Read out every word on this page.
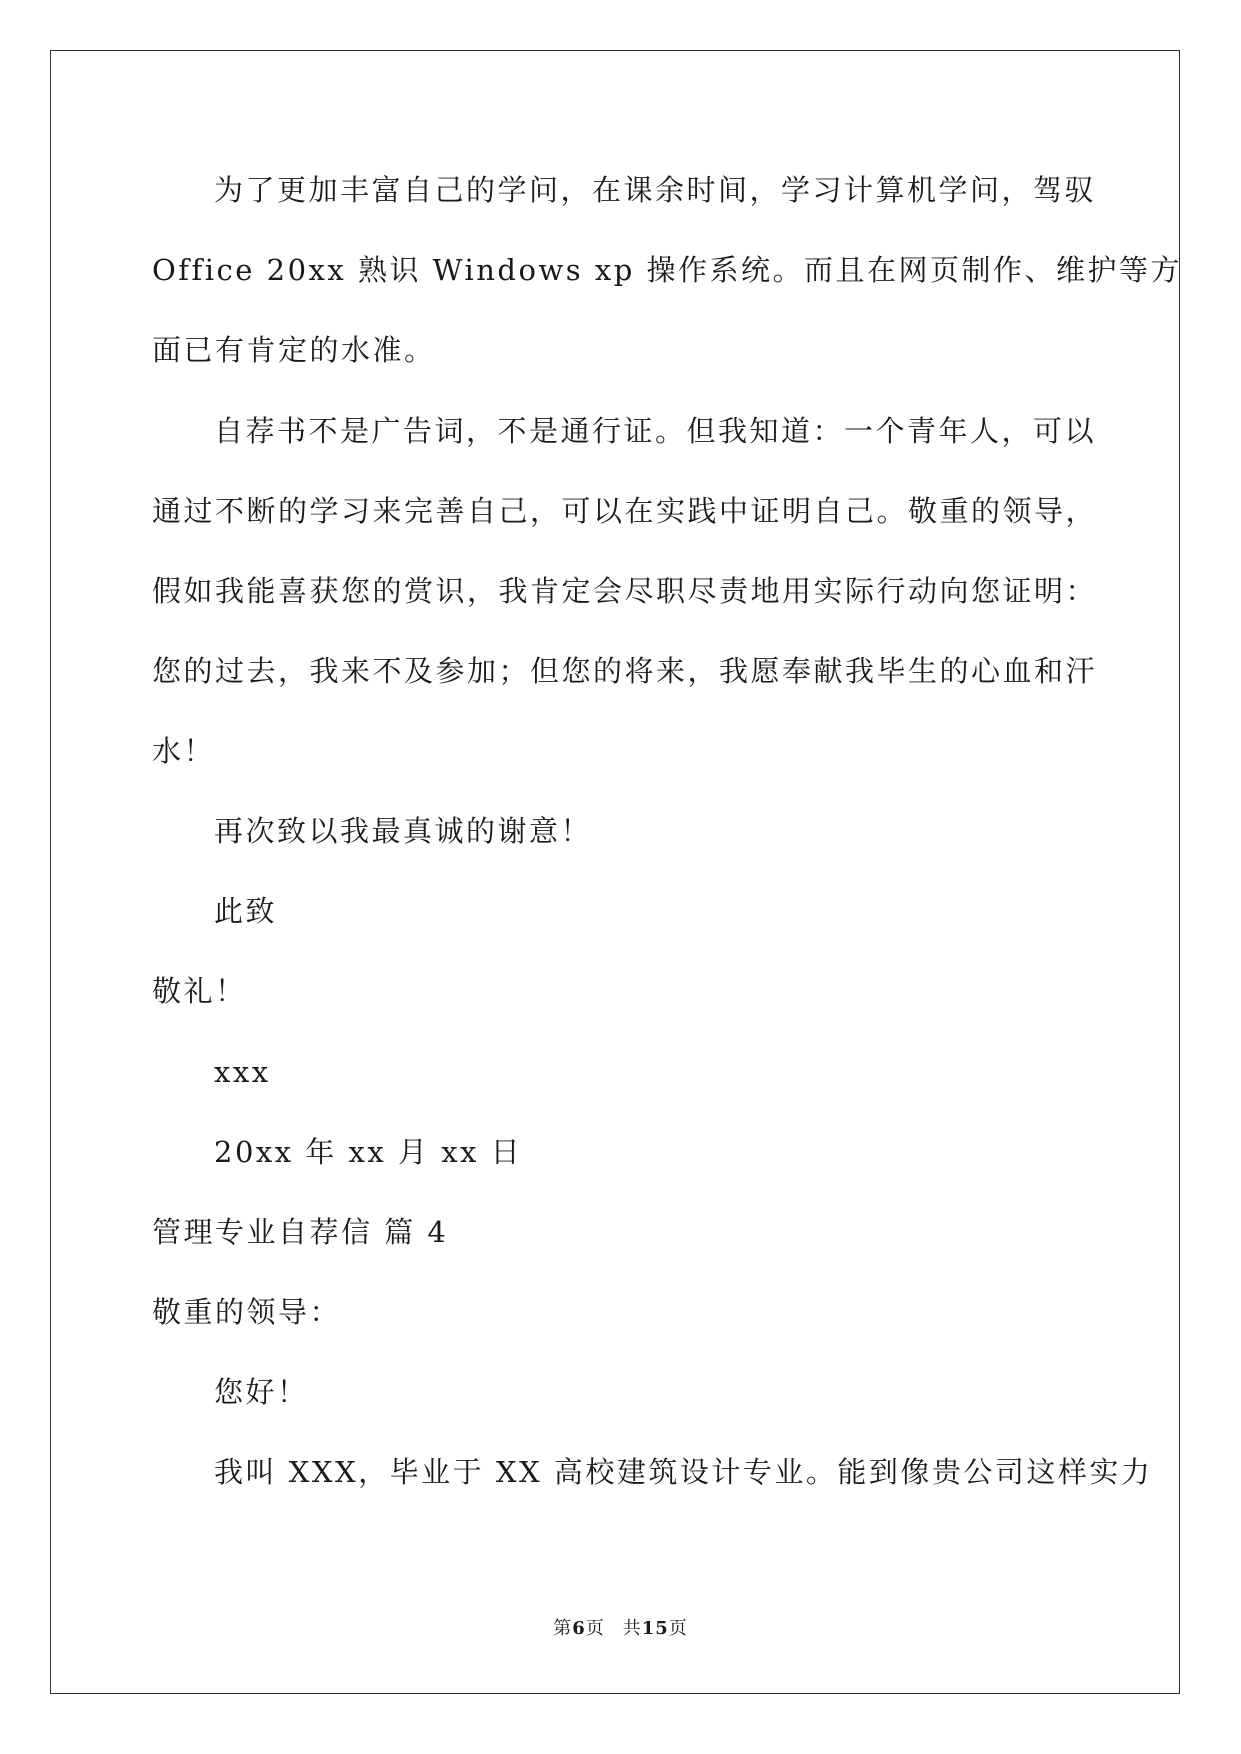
为了更加丰富自己的学问，在课余时间，学习计算机学问，驾驭
Office 20xx 熟识 Windows xp 操作系统。而且在网页制作、维护等方
面已有肯定的水准。
自荐书不是广告词，不是通行证。但我知道：一个青年人，可以
通过不断的学习来完善自己，可以在实践中证明自己。敬重的领导，
假如我能喜获您的赏识，我肯定会尽职尽责地用实际行动向您证明：
您的过去，我来不及参加；但您的将来，我愿奉献我毕生的心血和汗
水！
再次致以我最真诚的谢意！
此致
敬礼！
xxx
20xx 年 xx 月 xx 日
管理专业自荐信 篇 4
敬重的领导：
您好！
我叫 XXX，毕业于 XX 高校建筑设计专业。能到像贵公司这样实力
第6页 共15页
